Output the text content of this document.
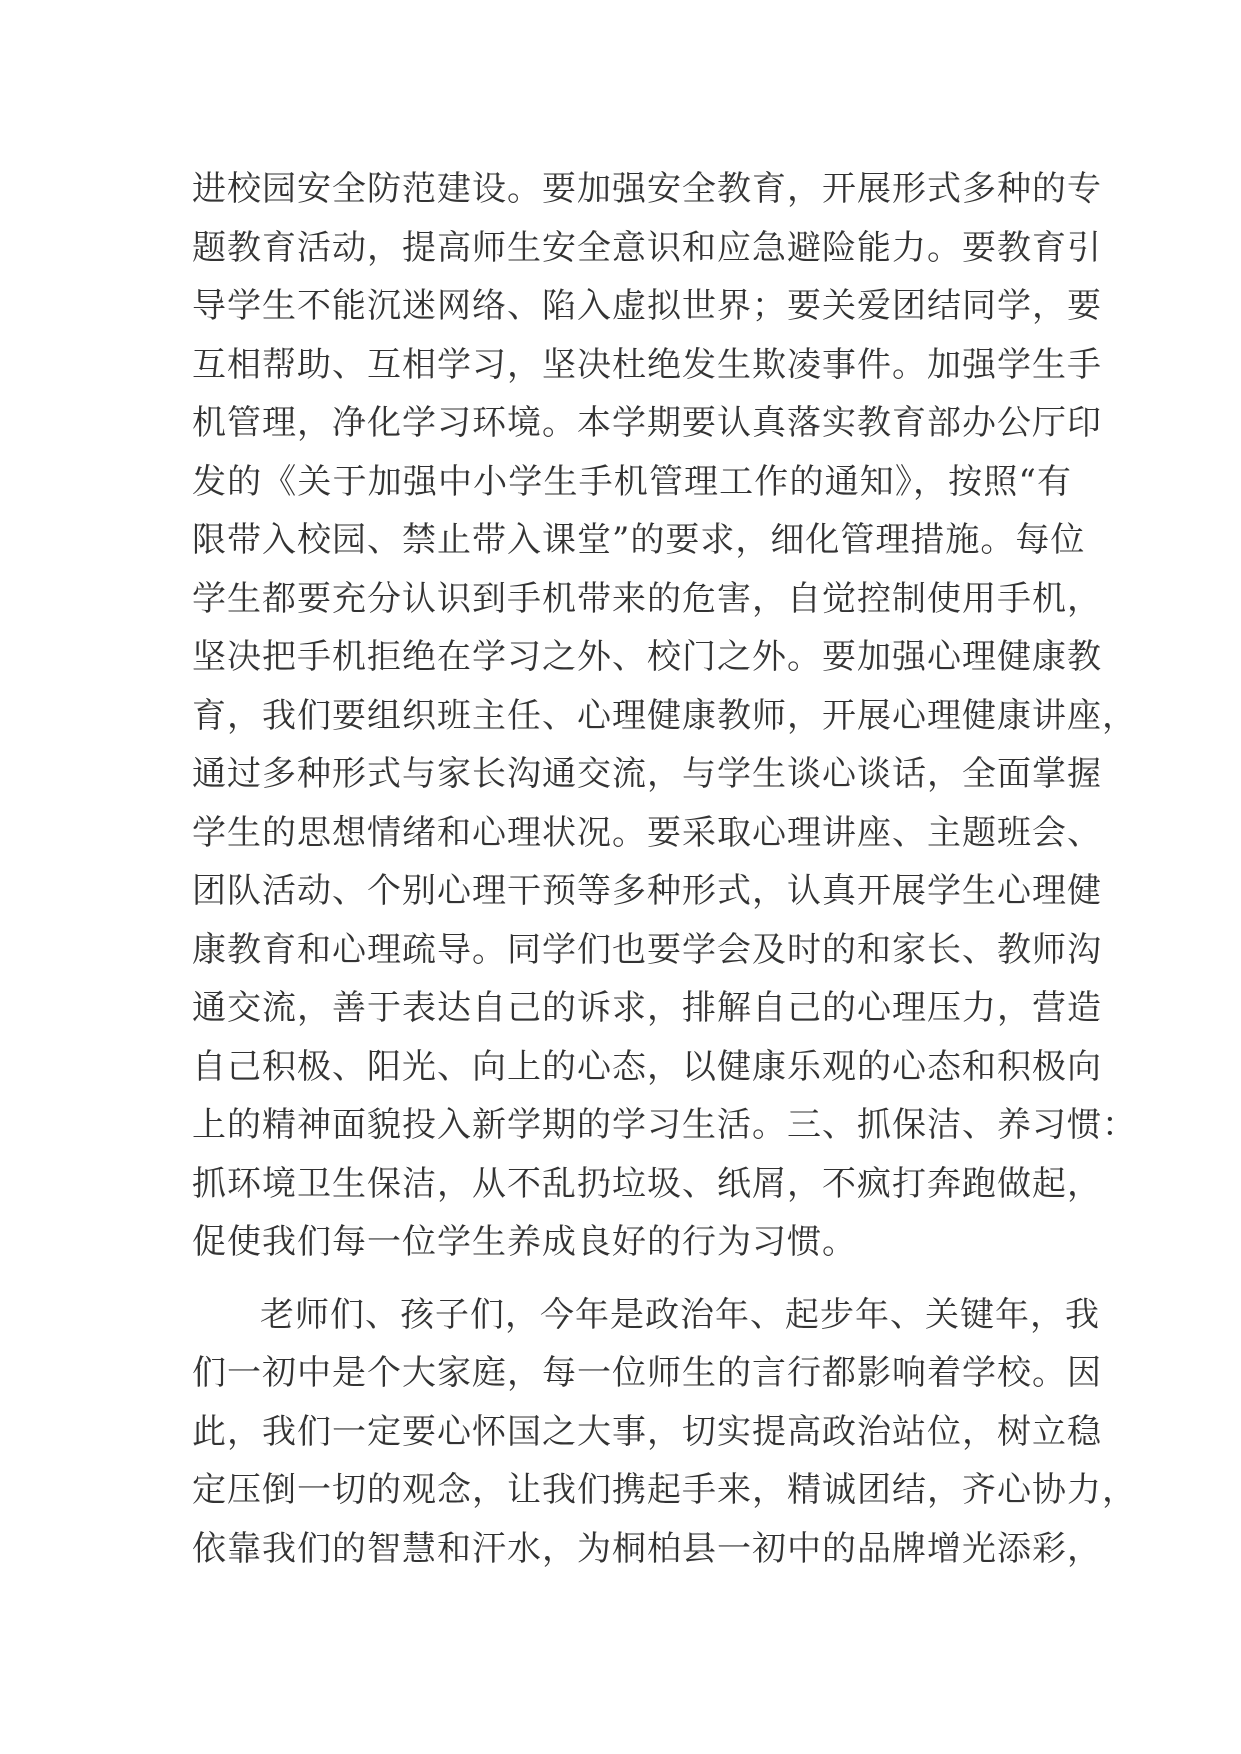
进校园安全防范建设。要加强安全教育，开展形式多种的专
题教育活动，提高师生安全意识和应急避险能力。要教育引
导学生不能沉迷网络、陷入虚拟世界；要关爱团结同学，要
互相帮助、互相学习，坚决杜绝发生欺凌事件。加强学生手
机管理，净化学习环境。本学期要认真落实教育部办公厅印
发的《关于加强中小学生手机管理工作的通知》，按照“有
限带入校园、禁止带入课堂”的要求，细化管理措施。每位
学生都要充分认识到手机带来的危害，自觉控制使用手机，
坚决把手机拒绝在学习之外、校门之外。要加强心理健康教
育，我们要组织班主任、心理健康教师，开展心理健康讲座，
通过多种形式与家长沟通交流，与学生谈心谈话，全面掌握
学生的思想情绪和心理状况。要采取心理讲座、主题班会、
团队活动、个别心理干预等多种形式，认真开展学生心理健
康教育和心理疏导。同学们也要学会及时的和家长、教师沟
通交流，善于表达自己的诉求，排解自己的心理压力，营造
自己积极、阳光、向上的心态，以健康乐观的心态和积极向
上的精神面貌投入新学期的学习生活。三、抓保洁、养习惯：
抓环境卫生保洁，从不乱扔垃圾、纸屑，不疯打奔跑做起，
促使我们每一位学生养成良好的行为习惯。
老师们、孩子们，今年是政治年、起步年、关键年，我
们一初中是个大家庭，每一位师生的言行都影响着学校。因
此，我们一定要心怀国之大事，切实提高政治站位，树立稳
定压倒一切的观念，让我们携起手来，精诚团结，齐心协力，
依靠我们的智慧和汗水，为桐柏县一初中的品牌增光添彩，
